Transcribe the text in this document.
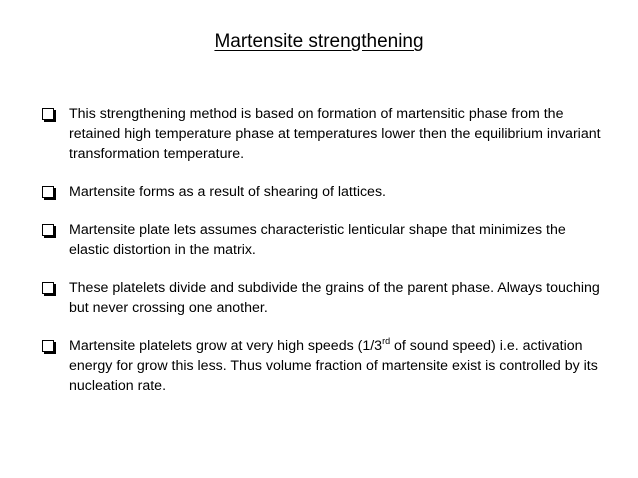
Martensite strengthening
This strengthening method is based on formation of martensitic phase from the retained high temperature phase at temperatures lower then the equilibrium invariant transformation temperature.
Martensite forms as a result of shearing of lattices.
Martensite plate lets assumes characteristic lenticular shape that minimizes the elastic distortion in the matrix.
These platelets divide and subdivide the grains of the parent phase. Always touching but never crossing one another.
Martensite platelets grow at very high speeds (1/3rd of sound speed) i.e. activation energy for grow this less. Thus volume fraction of martensite exist is controlled by its nucleation rate.
